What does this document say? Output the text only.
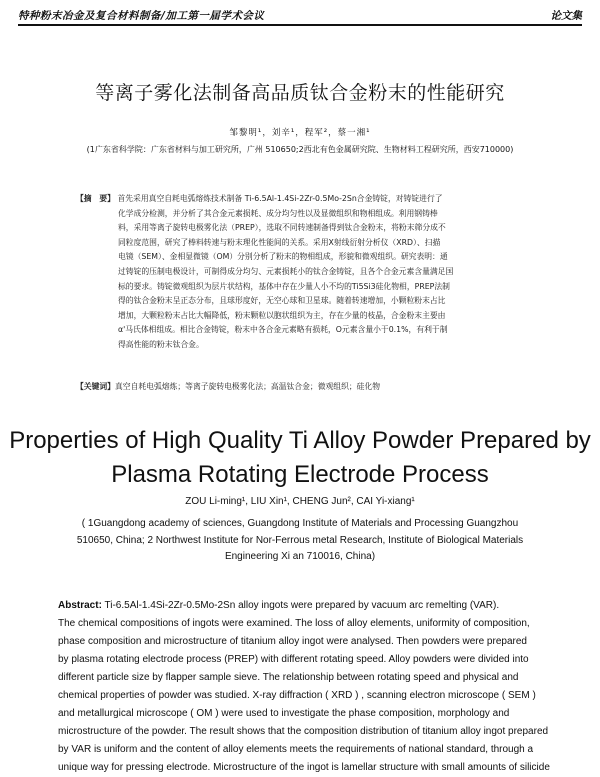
特种粉末冶金及复合材料制备/加工第一届学术会议	论文集
等离子雾化法制备高品质钛合金粉末的性能研究
邹黎明¹，刘辛¹，程军²，蔡一湘¹
(1广东省科学院：广东省材料与加工研究所，广州 510650;2西北有色金属研究院、生物材料工程研究所，西安710000)
【摘　要】 首先采用真空自耗电弧熔炼技术制备 Ti-6.5Al-1.4Si-2Zr-0.5Mo-2Sn合金铸锭，对铸锭进行了
化学成分检测，并分析了其合金元素损耗、成分均匀性以及显微组织和物相组成。利用钢铸棒
料，采用等离子旋转电极雾化法（PREP），选取不同转速制备得到钛合金粉末，将粉末筛分成不
同粒度范围，研究了棒料转速与粉末理化性能间的关系。采用X射线衍射分析仪（XRD）、扫描
电镜（SEM）、金相显微镜（OM）分别分析了粉末的物相组成，形貌和微观组织。研究表明：通
过铸锭的压制电极设计，可制得成分均匀、元素损耗小的钛合金铸锭，且各个合金元素含量满足国
标的要求。铸锭微观组织为层片状结构，基体中存在少量人小不均的Ti5Si3硅化物相，PREP法制
得的钛合金粉末呈正态分布，且球形度好，无空心球和卫星球。随着转速增加，小颗粒粉末占比
增加，大颗粒粉末占比大幅降低，粉末颗粒以胞状组织为主，存在少量的枝晶，合金粉末主要由
α'马氏体相组成。相比合金铸锭，粉末中各合金元素略有损耗，O元素含量小于0.1%，有利于制
得高性能的粉末钛合金。
【关键词】真空自耗电弧熔炼；等离子旋转电极雾化法；高温钛合金；微观组织；硅化物
Properties of High Quality Ti Alloy Powder Prepared by
Plasma Rotating Electrode Process
ZOU Li-ming¹, LIU Xin¹, CHENG Jun², CAI Yi-xiang¹
( 1Guangdong academy of sciences, Guangdong Institute of Materials and Processing Guangzhou
510650, China; 2 Northwest Institute for Nor-Ferrous metal Research, Institute of Biological Materials
Engineering Xi an 710016, China)
Abstract: Ti-6.5Al-1.4Si-2Zr-0.5Mo-2Sn alloy ingots were prepared by vacuum arc remelting (VAR).
The chemical compositions of ingots were examined. The loss of alloy elements, uniformity of composition,
phase composition and microstructure of titanium alloy ingot were analysed. Then powders were prepared
by plasma rotating electrode process (PREP) with different rotating speed. Alloy powders were divided into
different particle size by flapper sample sieve. The relationship between rotating speed and physical and
chemical properties of powder was studied. X-ray diffraction ( XRD ) , scanning electron microscope ( SEM )
and metallurgical microscope ( OM ) were used to investigate the phase composition, morphology and
microstructure of the powder. The result shows that the composition distribution of titanium alloy ingot prepared
by VAR is uniform and the content of alloy elements meets the requirements of national standard, through a
unique way for pressing electrode. Microstructure of the ingot is lamellar structure with small amounts of silicide
